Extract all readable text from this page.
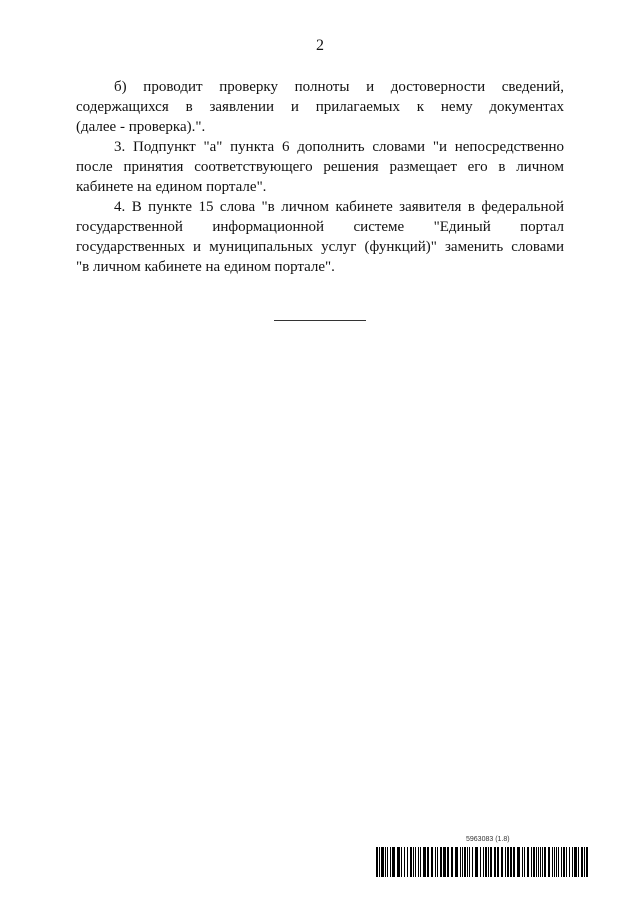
2

б) проводит проверку полноты и достоверности сведений,
содержащихся в заявлении и прилагаемых к нему документах
(далее - проверка).".

3. Подпункт "а" пункта 6 дополнить словами "и непосредственно
после принятия соответствующего решения размещает его в личном
кабинете на едином портале".

4. В пункте 15 слова "в личном кабинете заявителя в федеральной
государственной информационной системе "Единый портал
государственных и муниципальных услуг (функций)" заменить словами
"в личном кабинете на едином портале".

5963083 (1.8)
